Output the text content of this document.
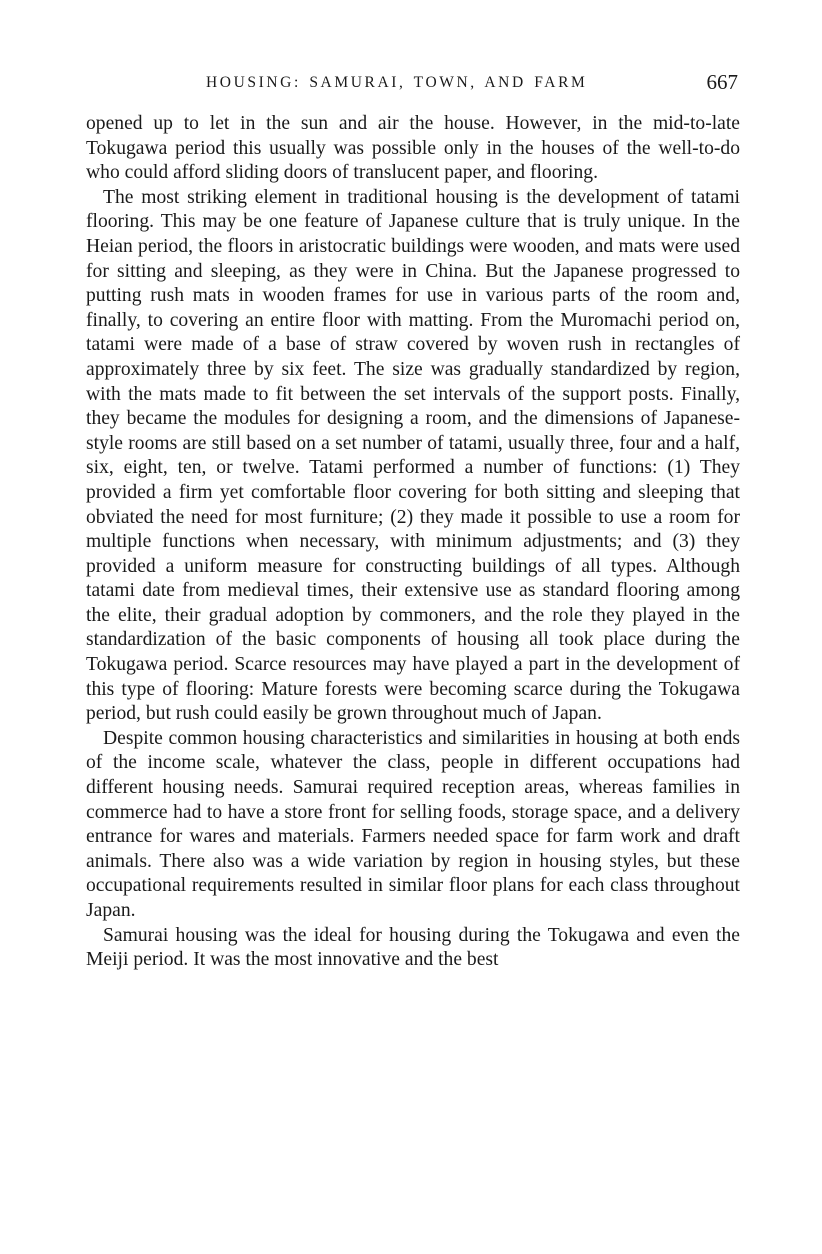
HOUSING: SAMURAI, TOWN, AND FARM	667

opened up to let in the sun and air the house. However, in the mid-to-late Tokugawa period this usually was possible only in the houses of the well-to-do who could afford sliding doors of translucent paper, and flooring.

The most striking element in traditional housing is the development of tatami flooring. This may be one feature of Japanese culture that is truly unique. In the Heian period, the floors in aristocratic buildings were wooden, and mats were used for sitting and sleeping, as they were in China. But the Japanese progressed to putting rush mats in wooden frames for use in various parts of the room and, finally, to covering an entire floor with matting. From the Muromachi period on, tatami were made of a base of straw covered by woven rush in rectangles of approximately three by six feet. The size was gradually standardized by region, with the mats made to fit between the set intervals of the support posts. Finally, they became the modules for designing a room, and the dimensions of Japanese-style rooms are still based on a set number of tatami, usually three, four and a half, six, eight, ten, or twelve. Tatami performed a number of functions: (1) They provided a firm yet comfortable floor covering for both sitting and sleeping that obviated the need for most furniture; (2) they made it possible to use a room for multiple functions when necessary, with minimum adjustments; and (3) they provided a uniform measure for constructing buildings of all types. Although tatami date from medieval times, their extensive use as standard flooring among the elite, their gradual adoption by commoners, and the role they played in the standardization of the basic components of housing all took place during the Tokugawa period. Scarce resources may have played a part in the development of this type of flooring: Mature forests were becoming scarce during the Tokugawa period, but rush could easily be grown throughout much of Japan.

Despite common housing characteristics and similarities in housing at both ends of the income scale, whatever the class, people in different occupations had different housing needs. Samurai required reception areas, whereas families in commerce had to have a store front for selling foods, storage space, and a delivery entrance for wares and materials. Farmers needed space for farm work and draft animals. There also was a wide variation by region in housing styles, but these occupational requirements resulted in similar floor plans for each class throughout Japan.

Samurai housing was the ideal for housing during the Tokugawa and even the Meiji period. It was the most innovative and the best
